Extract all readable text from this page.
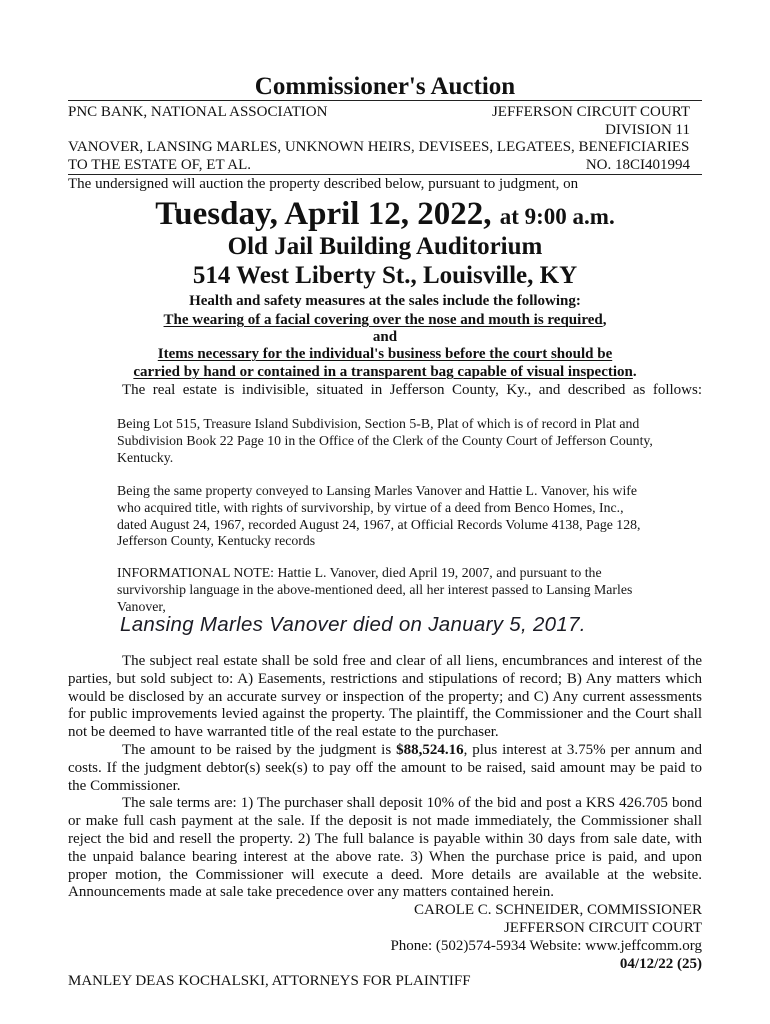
Commissioner's Auction
PNC BANK, NATIONAL ASSOCIATION	JEFFERSON CIRCUIT COURT
DIVISION 11
VANOVER, LANSING MARLES, UNKNOWN HEIRS, DEVISEES, LEGATEES, BENEFICIARIES
TO THE ESTATE OF, ET AL.	NO. 18CI401994
The undersigned will auction the property described below, pursuant to judgment, on
Tuesday, April 12, 2022, at 9:00 a.m.
Old Jail Building Auditorium
514 West Liberty St., Louisville, KY
Health and safety measures at the sales include the following:
The wearing of a facial covering over the nose and mouth is required,
and
Items necessary for the individual's business before the court should be
carried by hand or contained in a transparent bag capable of visual inspection.
The real estate is indivisible, situated in Jefferson County, Ky., and described as follows:
Being Lot 515, Treasure Island Subdivision, Section 5-B, Plat of which is of record in Plat and
Subdivision Book 22 Page 10 in the Office of the Clerk of the County Court of Jefferson County,
Kentucky.
Being the same property conveyed to Lansing Marles Vanover and Hattie L. Vanover, his wife
who acquired title, with rights of survivorship, by virtue of a deed from Benco Homes, Inc.,
dated August 24, 1967, recorded August 24, 1967, at Official Records Volume 4138, Page 128,
Jefferson County, Kentucky records
INFORMATIONAL NOTE: Hattie L. Vanover, died April 19, 2007, and pursuant to the
survivorship language in the above-mentioned deed, all her interest passed to Lansing Marles
Vanover,
Lansing Marles Vanover died on January 5, 2017.
The subject real estate shall be sold free and clear of all liens, encumbrances and interest of the
parties, but sold subject to: A) Easements, restrictions and stipulations of record; B) Any matters which
would be disclosed by an accurate survey or inspection of the property; and C) Any current assessments
for public improvements levied against the property. The plaintiff, the Commissioner and the Court shall
not be deemed to have warranted title of the real estate to the purchaser.
The amount to be raised by the judgment is $88,524.16, plus interest at 3.75% per annum and
costs. If the judgment debtor(s) seek(s) to pay off the amount to be raised, said amount may be paid to
the Commissioner.
The sale terms are: 1) The purchaser shall deposit 10% of the bid and post a KRS 426.705 bond
or make full cash payment at the sale. If the deposit is not made immediately, the Commissioner shall
reject the bid and resell the property. 2) The full balance is payable within 30 days from sale date, with
the unpaid balance bearing interest at the above rate. 3) When the purchase price is paid, and upon
proper motion, the Commissioner will execute a deed. More details are available at the website.
Announcements made at sale take precedence over any matters contained herein.
CAROLE C. SCHNEIDER, COMMISSIONER
JEFFERSON CIRCUIT COURT
Phone: (502)574-5934 Website: www.jeffcomm.org
04/12/22 (25)
MANLEY DEAS KOCHALSKI, ATTORNEYS FOR PLAINTIFF
